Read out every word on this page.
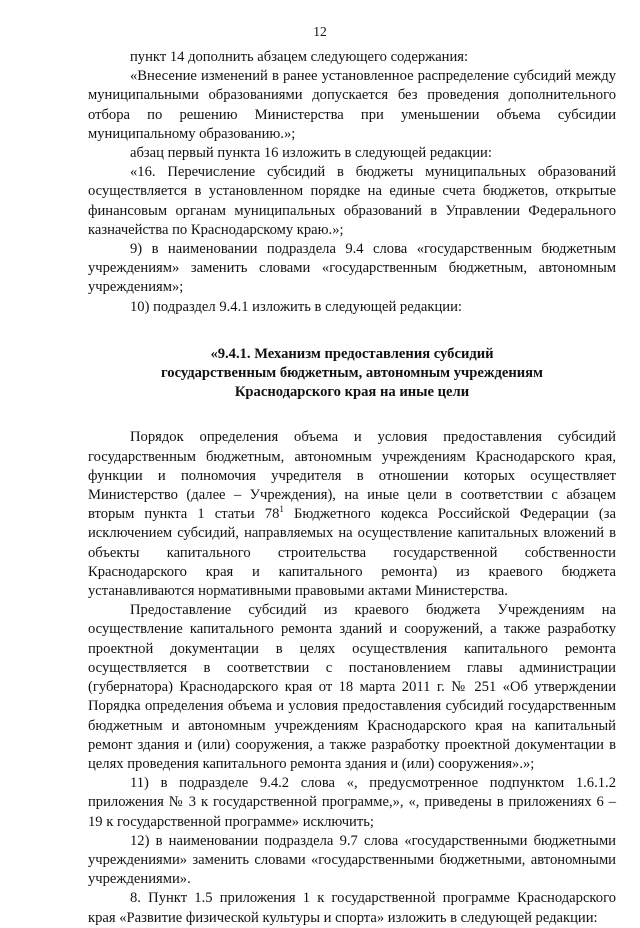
12

пункт 14 дополнить абзацем следующего содержания:

«Внесение изменений в ранее установленное распределение субсидий между муниципальными образованиями допускается без проведения дополнительного отбора по решению Министерства при уменьшении объема субсидии муниципальному образованию.»;

абзац первый пункта 16 изложить в следующей редакции:

«16. Перечисление субсидий в бюджеты муниципальных образований осуществляется в установленном порядке на единые счета бюджетов, открытые финансовым органам муниципальных образований в Управлении Федерального казначейства по Краснодарскому краю.»;

9) в наименовании подраздела 9.4 слова «государственным бюджетным учреждениям» заменить словами «государственным бюджетным, автономным учреждениям»;

10) подраздел 9.4.1 изложить в следующей редакции:

«9.4.1. Механизм предоставления субсидий
государственным бюджетным, автономным учреждениям
Краснодарского края на иные цели

Порядок определения объема и условия предоставления субсидий государственным бюджетным, автономным учреждениям Краснодарского края, функции и полномочия учредителя в отношении которых осуществляет Министерство (далее – Учреждения), на иные цели в соответствии с абзацем вторым пункта 1 статьи $78^1$ Бюджетного кодекса Российской Федерации (за исключением субсидий, направляемых на осуществление капитальных вложений в объекты капитального строительства государственной собственности Краснодарского края и капитального ремонта) из краевого бюджета устанавливаются нормативными правовыми актами Министерства.

Предоставление субсидий из краевого бюджета Учреждениям на осуществление капитального ремонта зданий и сооружений, а также разработку проектной документации в целях осуществления капитального ремонта осуществляется в соответствии с постановлением главы администрации (губернатора) Краснодарского края от 18 марта 2011 г. № 251 «Об утверждении Порядка определения объема и условия предоставления субсидий государственным бюджетным и автономным учреждениям Краснодарского края на капитальный ремонт здания и (или) сооружения, а также разработку проектной документации в целях проведения капитального ремонта здания и (или) сооружения».»;

11) в подразделе 9.4.2 слова «, предусмотренное подпунктом 1.6.1.2 приложения № 3 к государственной программе,», «, приведены в приложениях 6 – 19 к государственной программе» исключить;

12) в наименовании подраздела 9.7 слова «государственными бюджетными учреждениями» заменить словами «государственными бюджетными, автономными учреждениями».

8. Пункт 1.5 приложения 1 к государственной программе Краснодарского края «Развитие физической культуры и спорта» изложить в следующей редакции:
